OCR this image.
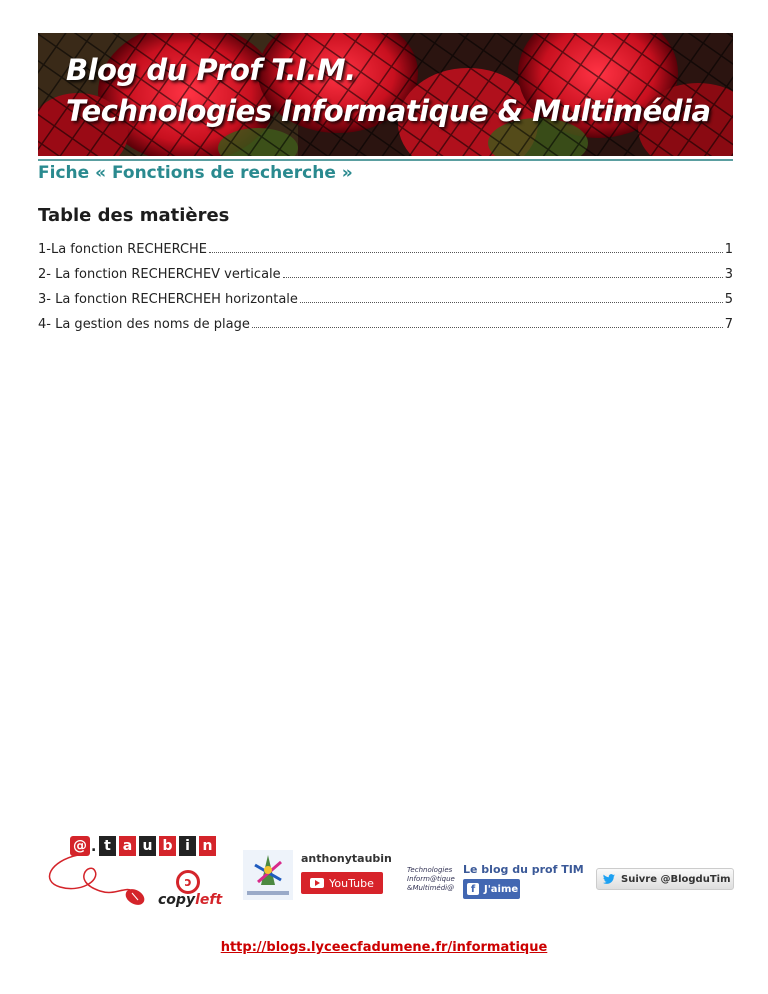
Blog du Prof T.I.M.
Technologies Informatique & Multimédia
Fiche « Fonctions de recherche »
Table des matières
1-La fonction RECHERCHE	1
2- La fonction RECHERCHEV verticale	3
3- La fonction RECHERCHEH horizontale	5
4- La gestion des noms de plage	7
@ . t a u b i n
ↄ
copyleft
anthonytaubin
YouTube
Technologies
Inform@tique
&Multimédi@
Le blog du prof TIM
f J'aime
Suivre @BlogduTim
http://blogs.lyceecfadumene.fr/informatique
